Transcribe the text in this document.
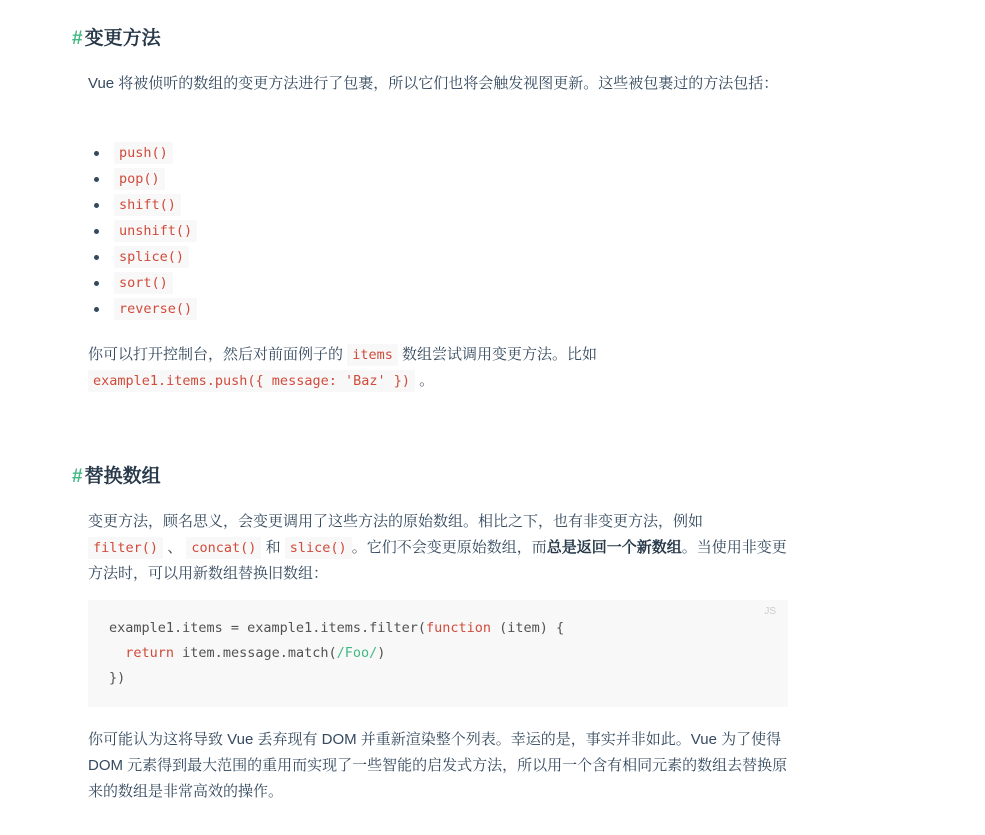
# 变更方法

Vue 将被侦听的数组的变更方法进行了包裹，所以它们也将会触发视图更新。这些被包裹过的方法包括：

push()
pop()
shift()
unshift()
splice()
sort()
reverse()

你可以打开控制台，然后对前面例子的 items 数组尝试调用变更方法。比如
example1.items.push({ message: 'Baz' }) 。

# 替换数组

变更方法，顾名思义，会变更调用了这些方法的原始数组。相比之下，也有非变更方法，例如
filter() 、 concat() 和 slice() 。它们不会变更原始数组，而总是返回一个新数组。当使用非变更方法时，可以用新数组替换旧数组：

JS
example1.items = example1.items.filter(function (item) {
return item.message.match(/Foo/)
})

你可能认为这将导致 Vue 丢弃现有 DOM 并重新渲染整个列表。幸运的是，事实并非如此。Vue 为了使得 DOM 元素得到最大范围的重用而实现了一些智能的启发式方法，所以用一个含有相同元素的数组去替换原来的数组是非常高效的操作。
